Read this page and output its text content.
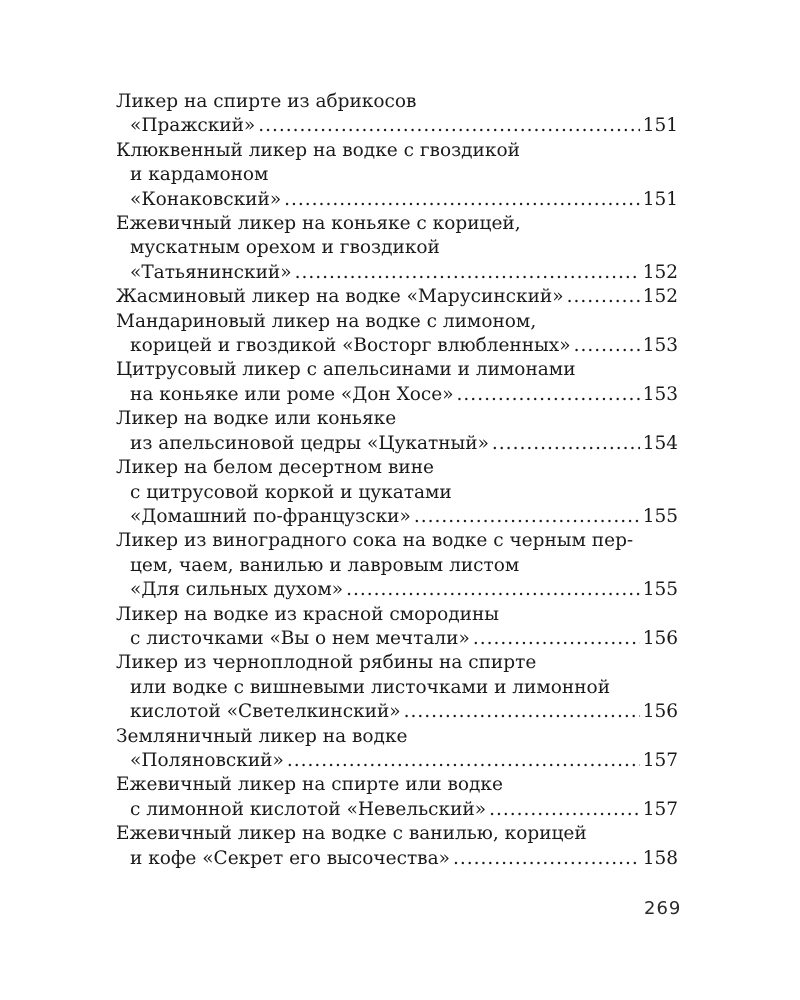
Ликер на спирте из абрикосов
«Пражский» .....	151
Клюквенный ликер на водке с гвоздикой
и кардамоном
«Конаковский» .....	151
Ежевичный ликер на коньяке с корицей,
мускатным орехом и гвоздикой
«Татьянинский» .....	152
Жасминовый ликер на водке «Марусинский» .....	152
Мандариновый ликер на водке с лимоном,
корицей и гвоздикой «Восторг влюбленных» .....	153
Цитрусовый ликер с апельсинами и лимонами
на коньяке или роме «Дон Хосе» .....	153
Ликер на водке или коньяке
из апельсиновой цедры «Цукатный» .....	154
Ликер на белом десертном вине
с цитрусовой коркой и цукатами
«Домашний по-французски» .....	155
Ликер из виноградного сока на водке с черным пер-
цем, чаем, ванилью и лавровым листом
«Для сильных духом» .....	155
Ликер на водке из красной смородины
с листочками «Вы о нем мечтали» .....	156
Ликер из черноплодной рябины на спирте
или водке с вишневыми листочками и лимонной
кислотой «Светелкинский» .....	156
Земляничный ликер на водке
«Поляновский» .....	157
Ежевичный ликер на спирте или водке
с лимонной кислотой «Невельский» .....	157
Ежевичный ликер на водке с ванилью, корицей
и кофе «Секрет его высочества» .....	158
269
